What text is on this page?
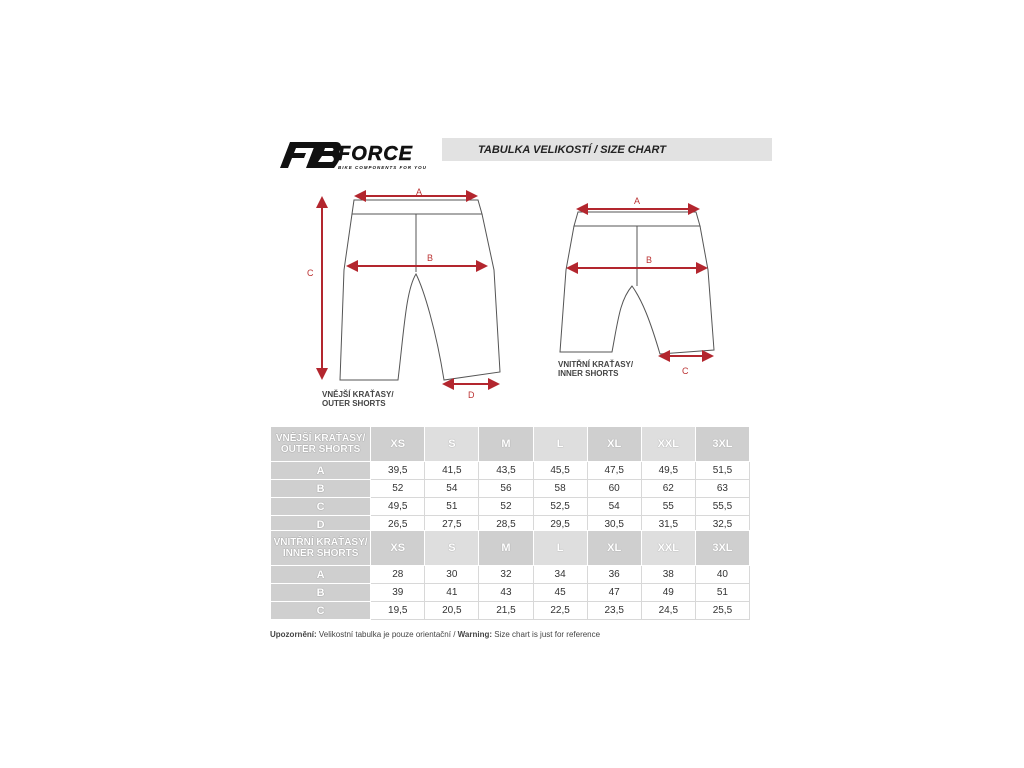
TABULKA VELIKOSTÍ / SIZE CHART
FORCE
BIKE COMPONENTS FOR YOU
A
B
C
D
A
B
C
VNĚJŠÍ KRAŤASY/
OUTER SHORTS
VNITŘNÍ KRAŤASY/
INNER SHORTS
VNĚJŠÍ KRAŤASY/
OUTER SHORTS	XS	S	M	L	XL	XXL	3XL
A	39,5	41,5	43,5	45,5	47,5	49,5	51,5
B	52	54	56	58	60	62	63
C	49,5	51	52	52,5	54	55	55,5
D	26,5	27,5	28,5	29,5	30,5	31,5	32,5
VNITŘNÍ KRAŤASY/
INNER SHORTS	XS	S	M	L	XL	XXL	3XL
A	28	30	32	34	36	38	40
B	39	41	43	45	47	49	51
C	19,5	20,5	21,5	22,5	23,5	24,5	25,5
Upozornění: Velikostní tabulka je pouze orientační / Warning: Size chart is just for reference
